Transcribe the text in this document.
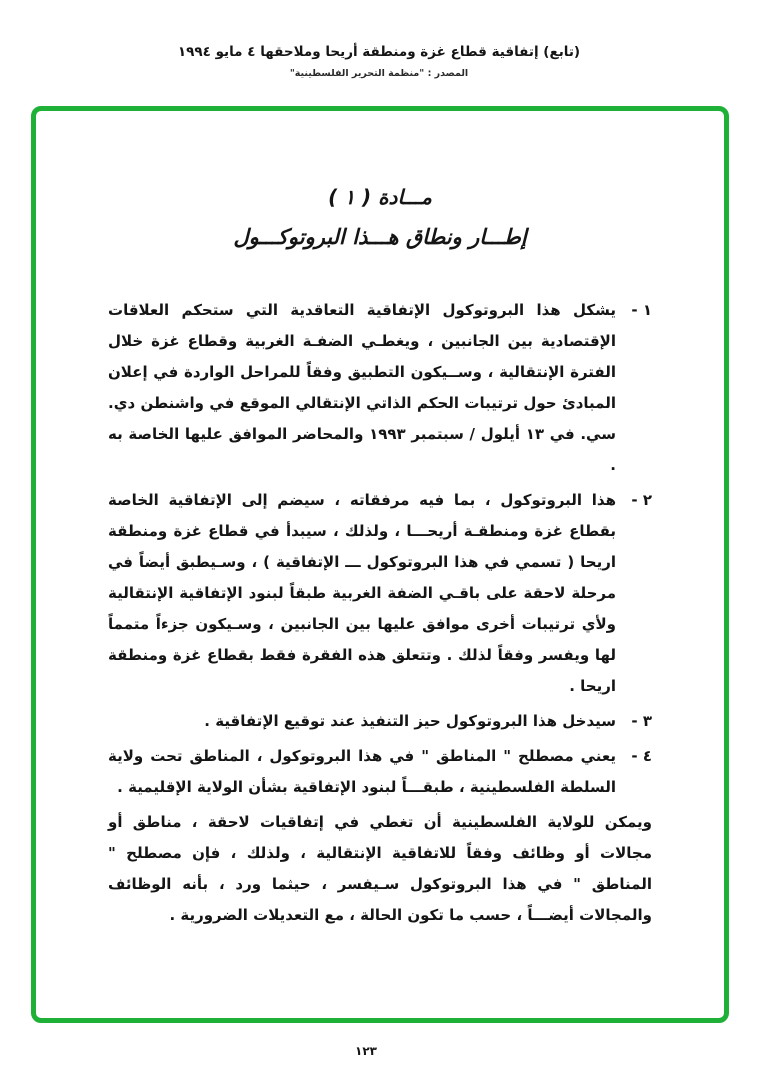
(تابع) إتفاقية قطاع غزة ومنطقة أريحا وملاحقها ٤ مايو ١٩٩٤
المصدر : "منظمة التحرير الفلسطينية"
مـــادة ( ١ )
إطـــار ونطاق هـــذا البروتوكـــول
١ -
يشكل هذا البروتوكول الإتفاقية التعاقدية التي ستحكم العلاقات الإقتصادية بين الجانبين ، ويغطـي الضفـة الغربية وقطاع غزة خلال الفترة الإنتقالية ، وســيكون التطبيق وفقاً للمراحل الواردة في إعلان المبادئ حول ترتيبات الحكم الذاتي الإنتقالي الموقع في واشنطن دي. سي. في ١٣ أيلول / سبتمبر ١٩٩٣ والمحاضر الموافق عليها الخاصة به .
٢ -
هذا البروتوكول ، بما فيه مرفقاته ، سيضم إلى الإتفاقية الخاصة بقطاع غزة ومنطقـة أريحـــا ، ولذلك ، سيبدأ في قطاع غزة ومنطقة اريحا ( تسمي في هذا البروتوكول ـــ الإتفاقية ) ، وسـيطبق أيضاً في مرحلة لاحقة على باقـي الضفة الغربية طبقاً لبنود الإتفاقية الإنتقالية ولأي ترتيبات أخرى موافق عليها بين الجانبين ، وسـيكون جزءاً متمماً لها ويفسر وفقاً لذلك . وتتعلق هذه الفقرة فقط بقطاع غزة ومنطقة اريحا .
٣ -
سيدخل هذا البروتوكول حيز التنفيذ عند توقيع الإتفاقية .
٤ -
يعني مصطلح " المناطق " في هذا البروتوكول ، المناطق تحت ولاية السلطة الفلسطينية ، طبقـــاً لبنود الإتفاقية بشأن الولاية الإقليمية .
ويمكن للولاية الفلسطينية أن تغطي في إتفاقيات لاحقة ، مناطق أو مجالات أو وظائف وفقاً للاتفاقية الإنتقالية ، ولذلك ، فإن مصطلح " المناطق " في هذا البروتوكول سـيفسر ، حيثما ورد ، بأنه الوظائف والمجالات أيضـــاً ، حسب ما تكون الحالة ، مع التعديلات الضرورية .
١٢٣
